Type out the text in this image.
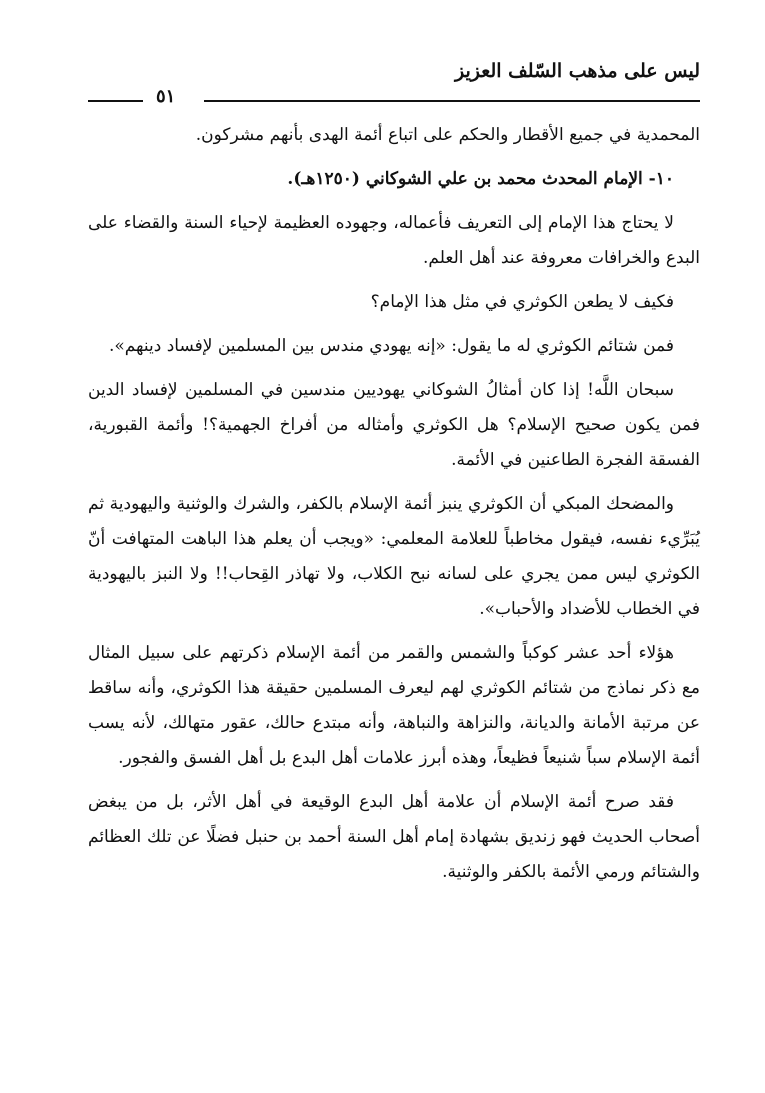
ليس على مذهب السّلف العزيز
٥١

المحمدية في جميع الأقطار والحكم على اتباع أئمة الهدى بأنهم مشركون.

١٠- الإمام المحدث محمد بن علي الشوكاني (١٢٥٠هـ).

لا يحتاج هذا الإمام إلى التعريف فأعماله، وجهوده العظيمة لإحياء السنة والقضاء على البدع والخرافات معروفة عند أهل العلم.

فكيف لا يطعن الكوثري في مثل هذا الإمام؟

فمن شتائم الكوثري له ما يقول: «إنه يهودي مندس بين المسلمين لإفساد دينهم».

سبحان اللَّه! إذا كان أمثالُ الشوكاني يهوديين مندسين في المسلمين لإفساد الدين فمن يكون صحيح الإسلام؟ هل الكوثري وأمثاله من أفراخ الجهمية؟! وأئمة القبورية، الفسقة الفجرة الطاعنين في الأئمة.

والمضحك المبكي أن الكوثري ينبز أئمة الإسلام بالكفر، والشرك والوثنية واليهودية ثم يُبَرِّيء نفسه، فيقول مخاطباً للعلامة المعلمي: «ويجب أن يعلم هذا الباهت المتهافت أنّ الكوثري ليس ممن يجري على لسانه نبح الكلاب، ولا تهاذر القِحاب!! ولا النبز باليهودية في الخطاب للأضداد والأحباب».

هؤلاء أحد عشر كوكباً والشمس والقمر من أئمة الإسلام ذكرتهم على سبيل المثال مع ذكر نماذج من شتائم الكوثري لهم ليعرف المسلمين حقيقة هذا الكوثري، وأنه ساقط عن مرتبة الأمانة والديانة، والنزاهة والنباهة، وأنه مبتدع حالك، عقور متهالك، لأنه يسب أئمة الإسلام سباً شنيعاً فظيعاً، وهذه أبرز علامات أهل البدع بل أهل الفسق والفجور.

فقد صرح أئمة الإسلام أن علامة أهل البدع الوقيعة في أهل الأثر، بل من يبغض أصحاب الحديث فهو زنديق بشهادة إمام أهل السنة أحمد بن حنبل فضلًا عن تلك العظائم والشتائم ورمي الأئمة بالكفر والوثنية.
